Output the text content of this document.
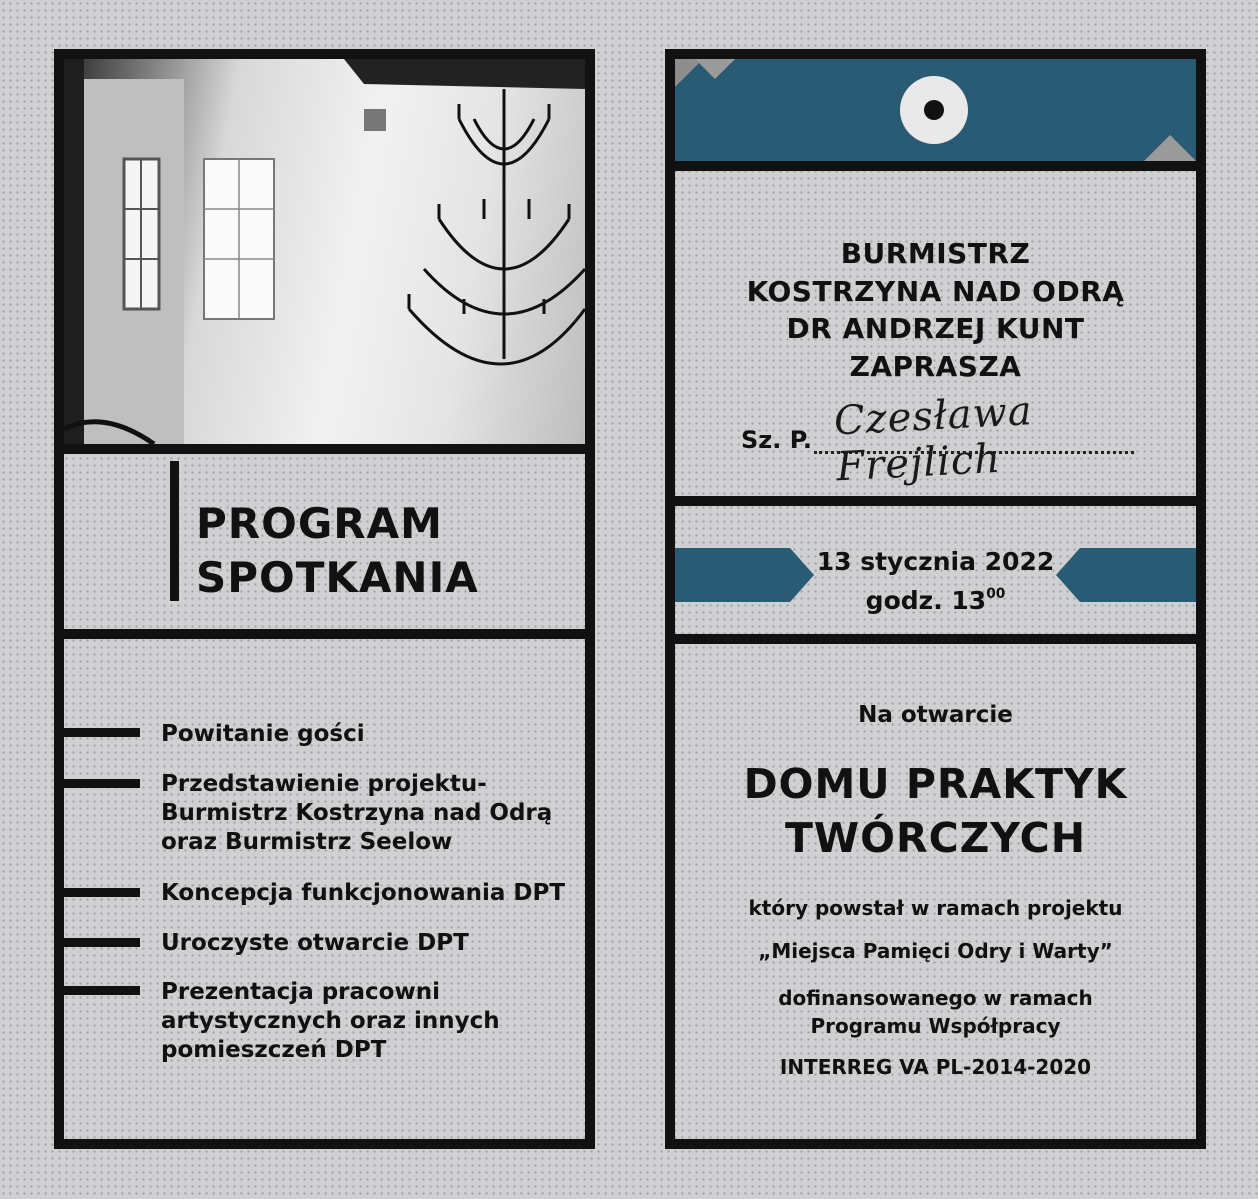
PROGRAM
SPOTKANIA
Powitanie gości
Przedstawienie projektu-
Burmistrz Kostrzyna nad Odrą
oraz Burmistrz Seelow
Koncepcja funkcjonowania DPT
Uroczyste otwarcie DPT
Prezentacja pracowni
artystycznych oraz innych
pomieszczeń DPT
BURMISTRZ
KOSTRZYNA NAD ODRĄ
DR ANDRZEJ KUNT
ZAPRASZA
Sz. P. Czesława Frejlich
13 stycznia 2022
godz. $13^{00}$
Na otwarcie
DOMU PRAKTYK
TWÓRCZYCH
który powstał w ramach projektu
„Miejsca Pamięci Odry i Warty”
dofinansowanego w ramach
Programu Współpracy
INTERREG VA PL-2014-2020
